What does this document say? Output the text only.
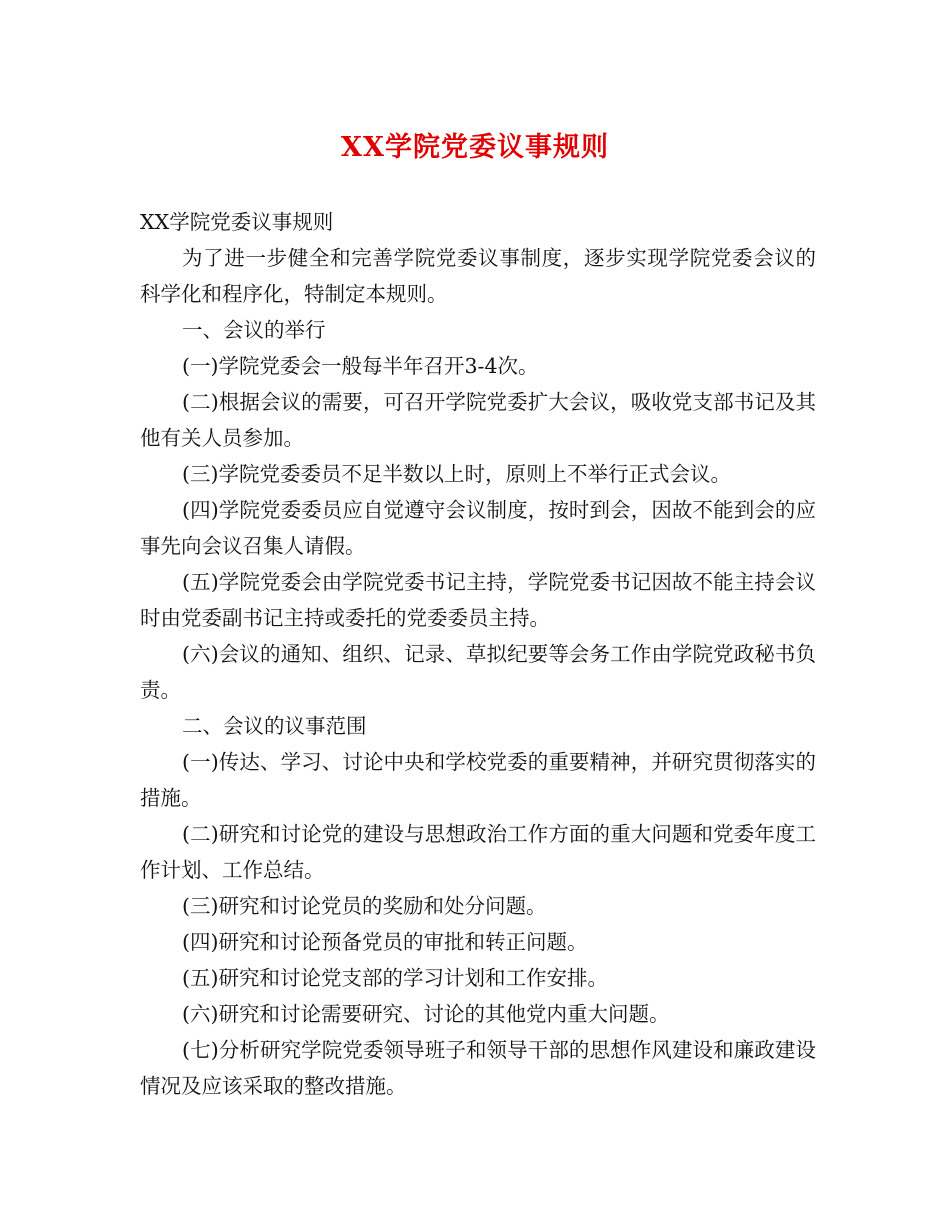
XX学院党委议事规则

XX学院党委议事规则

为了进一步健全和完善学院党委议事制度，逐步实现学院党委会议的科学化和程序化，特制定本规则。

一、会议的举行

(一)学院党委会一般每半年召开3-4次。

(二)根据会议的需要，可召开学院党委扩大会议，吸收党支部书记及其他有关人员参加。

(三)学院党委委员不足半数以上时，原则上不举行正式会议。

(四)学院党委委员应自觉遵守会议制度，按时到会，因故不能到会的应事先向会议召集人请假。

(五)学院党委会由学院党委书记主持，学院党委书记因故不能主持会议时由党委副书记主持或委托的党委委员主持。

(六)会议的通知、组织、记录、草拟纪要等会务工作由学院党政秘书负责。

二、会议的议事范围

(一)传达、学习、讨论中央和学校党委的重要精神，并研究贯彻落实的措施。

(二)研究和讨论党的建设与思想政治工作方面的重大问题和党委年度工作计划、工作总结。

(三)研究和讨论党员的奖励和处分问题。

(四)研究和讨论预备党员的审批和转正问题。

(五)研究和讨论党支部的学习计划和工作安排。

(六)研究和讨论需要研究、讨论的其他党内重大问题。

(七)分析研究学院党委领导班子和领导干部的思想作风建设和廉政建设情况及应该采取的整改措施。
